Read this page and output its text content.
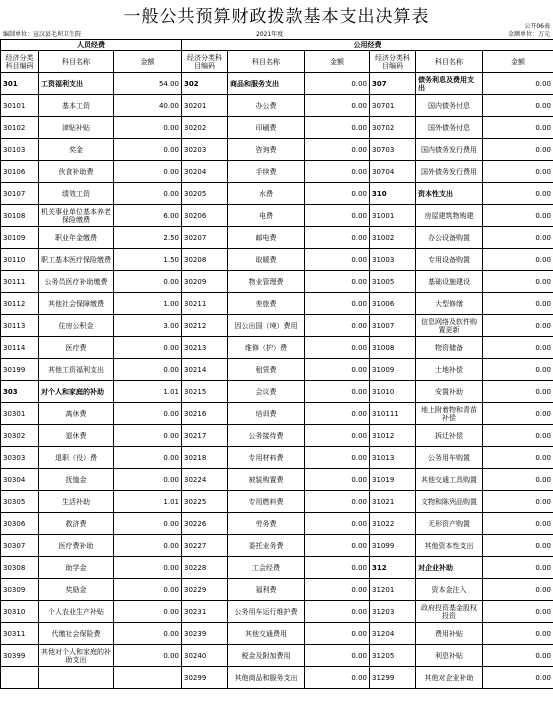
一般公共预算财政拨款基本支出决算表	公开06表
编制单位：宣汉县毛坝卫生院	2021年度	金额单位：万元
人员经费			公用经费					
经济分类科目编码	科目名称	金额	经济分类科目编码	科目名称	金额	经济分类科目编码	科目名称	金额
301	工资福利支出	54.00	302	商品和服务支出	0.00	307	债务利息及费用支出	0.00
30101	基本工资	40.00	30201	办公费	0.00	30701	国内债务付息	0.00
30102	津贴补贴	0.00	30202	印刷费	0.00	30702	国外债务付息	0.00
30103	奖金	0.00	30203	咨询费	0.00	30703	国内债务发行费用	0.00
30106	伙食补助费	0.00	30204	手续费	0.00	30704	国外债务发行费用	0.00
30107	绩效工资	0.00	30205	水费	0.00	310	资本性支出	0.00
30108	机关事业单位基本养老保险缴费	6.00	30206	电费	0.00	31001	房屋建筑物购建	0.00
30109	职业年金缴费	2.50	30207	邮电费	0.00	31002	办公设备购置	0.00
30110	职工基本医疗保险缴费	1.50	30208	取暖费	0.00	31003	专用设备购置	0.00
30111	公务员医疗补助缴费	0.00	30209	物业管理费	0.00	31005	基础设施建设	0.00
30112	其他社会保障缴费	1.00	30211	差旅费	0.00	31006	大型修缮	0.00
30113	住房公积金	3.00	30212	因公出国（境）费用	0.00	31007	信息网络及软件购置更新	0.00
30114	医疗费	0.00	30213	维修（护）费	0.00	31008	物资储备	0.00
30199	其他工资福利支出	0.00	30214	租赁费	0.00	31009	土地补偿	0.00
303	对个人和家庭的补助	1.01	30215	会议费	0.00	31010	安置补助	0.00
30301	离休费	0.00	30216	培训费	0.00	310111	地上附着物和青苗补偿	0.00
30302	退休费	0.00	30217	公务接待费	0.00	31012	拆迁补偿	0.00
30303	退职（役）费	0.00	30218	专用材料费	0.00	31013	公务用车购置	0.00
30304	抚恤金	0.00	30224	被装购置费	0.00	31019	其他交通工具购置	0.00
30305	生活补助	1.01	30225	专用燃料费	0.00	31021	文物和陈列品购置	0.00
30306	救济费	0.00	30226	劳务费	0.00	31022	无形资产购置	0.00
30307	医疗费补助	0.00	30227	委托业务费	0.00	31099	其他资本性支出	0.00
30308	助学金	0.00	30228	工会经费	0.00	312	对企业补助	0.00
30309	奖励金	0.00	30229	福利费	0.00	31201	资本金注入	0.00
30310	个人农业生产补贴	0.00	30231	公务用车运行维护费	0.00	31203	政府投资基金股权投资	0.00
30311	代缴社会保险费	0.00	30239	其他交通费用	0.00	31204	费用补贴	0.00
30399	其他对个人和家庭的补助支出	0.00	30240	税金及附加费用	0.00	31205	利息补贴	0.00
			30299	其他商品和服务支出	0.00	31299	其他对企业补助	0.00
